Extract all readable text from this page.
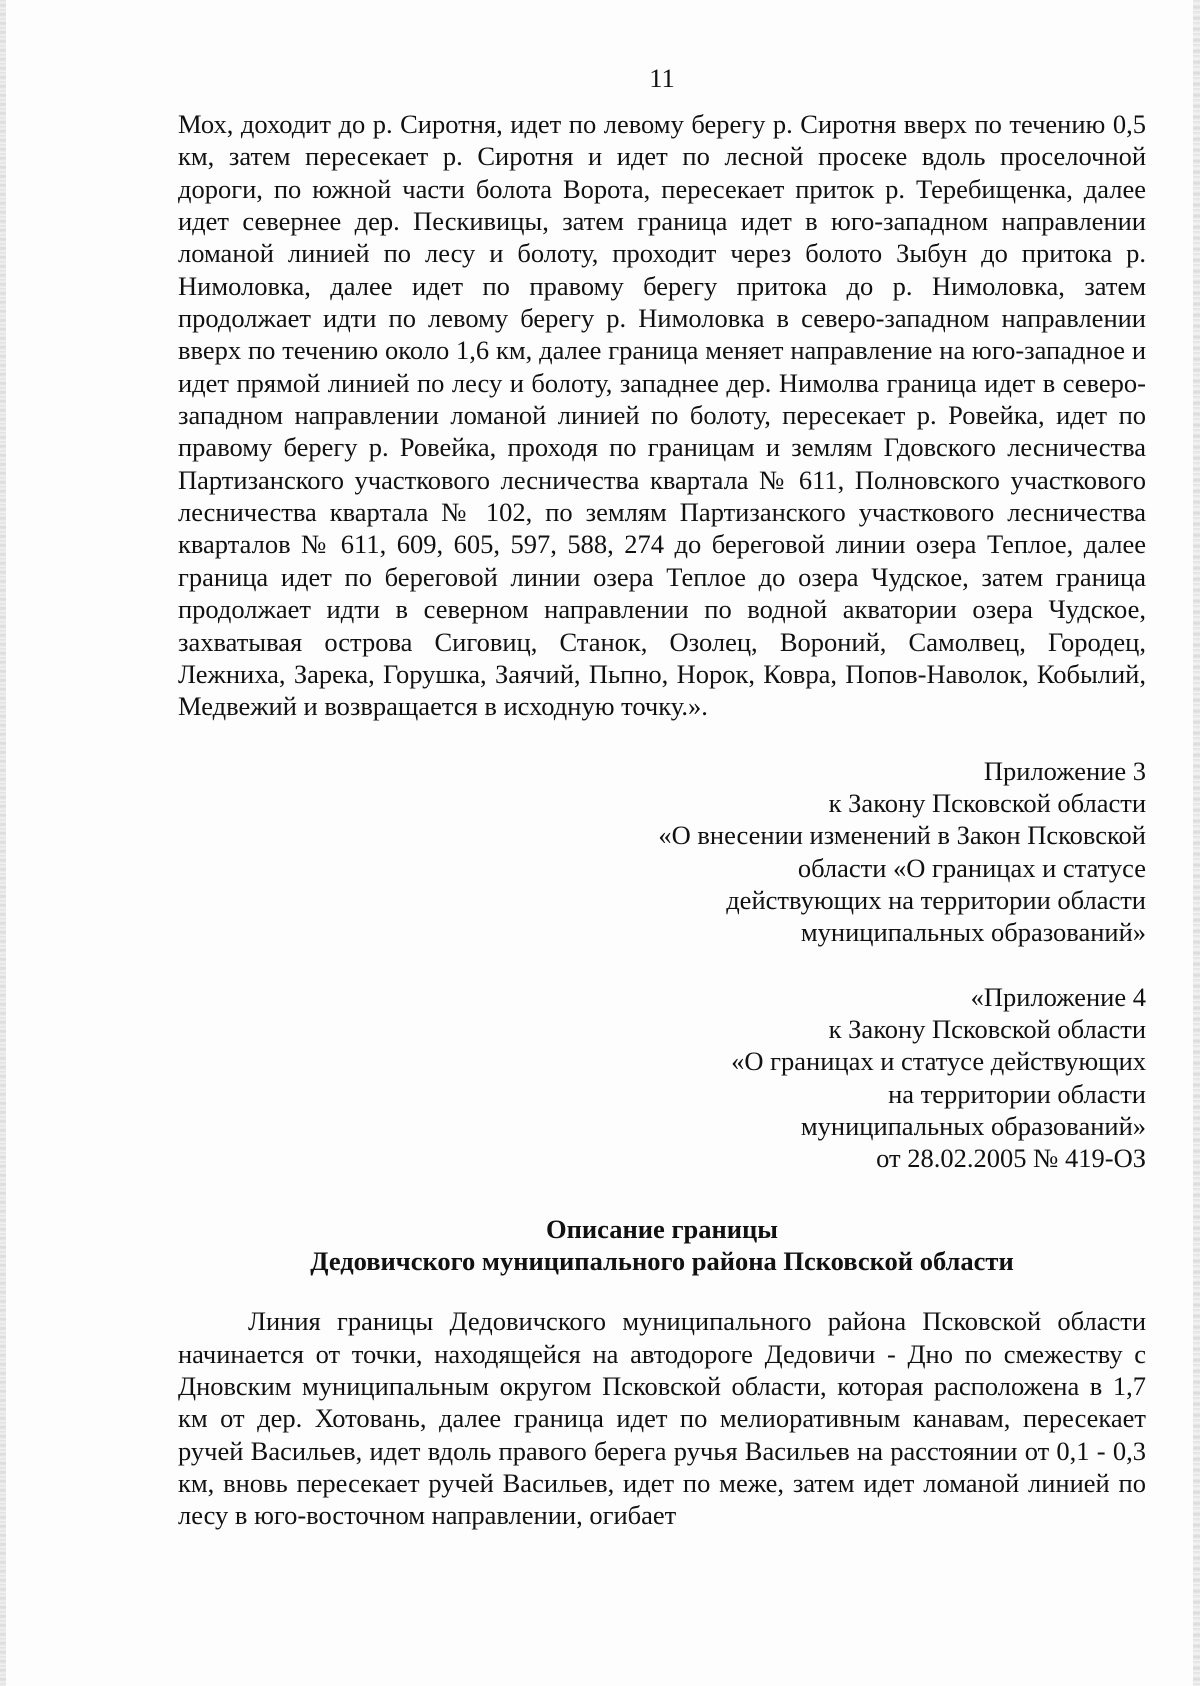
11

Мох, доходит до р. Сиротня, идет по левому берегу р. Сиротня вверх по течению 0,5 км, затем пересекает р. Сиротня и идет по лесной просеке вдоль проселочной дороги, по южной части болота Ворота, пересекает приток р. Теребищенка, далее идет севернее дер. Пескивицы, затем граница идет в юго-западном направлении ломаной линией по лесу и болоту, проходит через болото Зыбун до притока р. Нимоловка, далее идет по правому берегу притока до р. Нимоловка, затем продолжает идти по левому берегу р. Нимоловка в северо-западном направлении вверх по течению около 1,6 км, далее граница меняет направление на юго-западное и идет прямой линией по лесу и болоту, западнее дер. Нимолва граница идет в северо-западном направлении ломаной линией по болоту, пересекает р. Ровейка, идет по правому берегу р. Ровейка, проходя по границам и землям Гдовского лесничества Партизанского участкового лесничества квартала № 611, Полновского участкового лесничества квартала № 102, по землям Партизанского участкового лесничества кварталов № 611, 609, 605, 597, 588, 274 до береговой линии озера Теплое, далее граница идет по береговой линии озера Теплое до озера Чудское, затем граница продолжает идти в северном направлении по водной акватории озера Чудское, захватывая острова Сиговиц, Станок, Озолец, Вороний, Самолвец, Городец, Лежниха, Зарека, Горушка, Заячий, Пьпно, Норок, Ковра, Попов-Наволок, Кобылий, Медвежий и возвращается в исходную точку.».

Приложение 3
к Закону Псковской области
«О внесении изменений в Закон Псковской
области «О границах и статусе
действующих на территории области
муниципальных образований»
«Приложение 4
к Закону Псковской области
«О границах и статусе действующих
на территории области
муниципальных образований»
от 28.02.2005 № 419-ОЗ
Описание границы
Дедовичского муниципального района Псковской области

Линия границы Дедовичского муниципального района Псковской области начинается от точки, находящейся на автодороге Дедовичи - Дно по смежеству с Дновским муниципальным округом Псковской области, которая расположена в 1,7 км от дер. Хотовань, далее граница идет по мелиоративным канавам, пересекает ручей Васильев, идет вдоль правого берега ручья Васильев на расстоянии от 0,1 - 0,3 км, вновь пересекает ручей Васильев, идет по меже, затем идет ломаной линией по лесу в юго-восточном направлении, огибает
